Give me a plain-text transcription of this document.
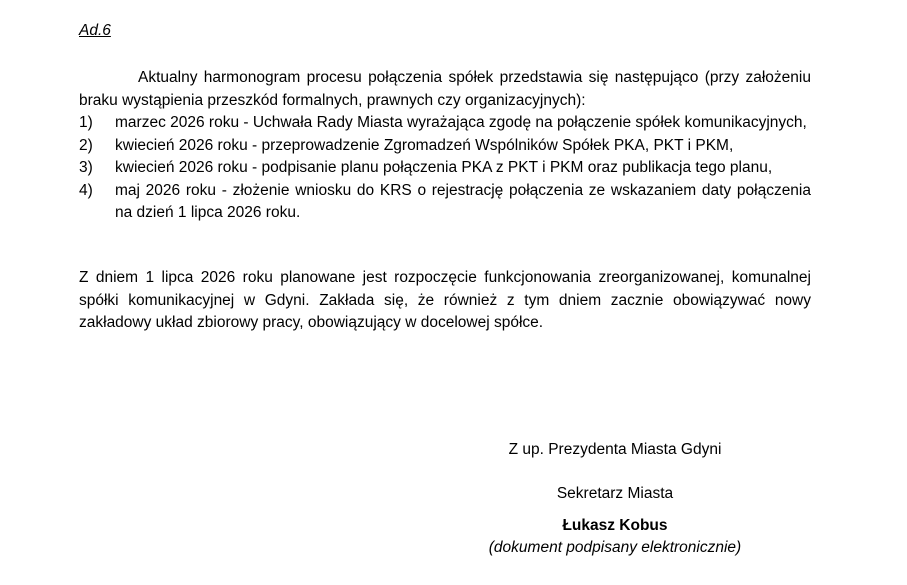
Ad.6
Aktualny harmonogram procesu połączenia spółek przedstawia się następująco (przy założeniu braku wystąpienia przeszkód formalnych, prawnych czy organizacyjnych):
1) marzec 2026 roku - Uchwała Rady Miasta wyrażająca zgodę na połączenie spółek komunikacyjnych,
2) kwiecień 2026 roku - przeprowadzenie Zgromadzeń Wspólników Spółek PKA, PKT i PKM,
3) kwiecień 2026 roku - podpisanie planu połączenia PKA z PKT i PKM oraz publikacja tego planu,
4) maj 2026 roku - złożenie wniosku do KRS o rejestrację połączenia ze wskazaniem daty połączenia na dzień 1 lipca 2026 roku.
Z dniem 1 lipca 2026 roku planowane jest rozpoczęcie funkcjonowania zreorganizowanej, komunalnej spółki komunikacyjnej w Gdyni. Zakłada się, że również z tym dniem zacznie obowiązywać nowy zakładowy układ zbiorowy pracy, obowiązujący w docelowej spółce.
Z up. Prezydenta Miasta Gdyni
Sekretarz Miasta
Łukasz Kobus
(dokument podpisany elektronicznie)
